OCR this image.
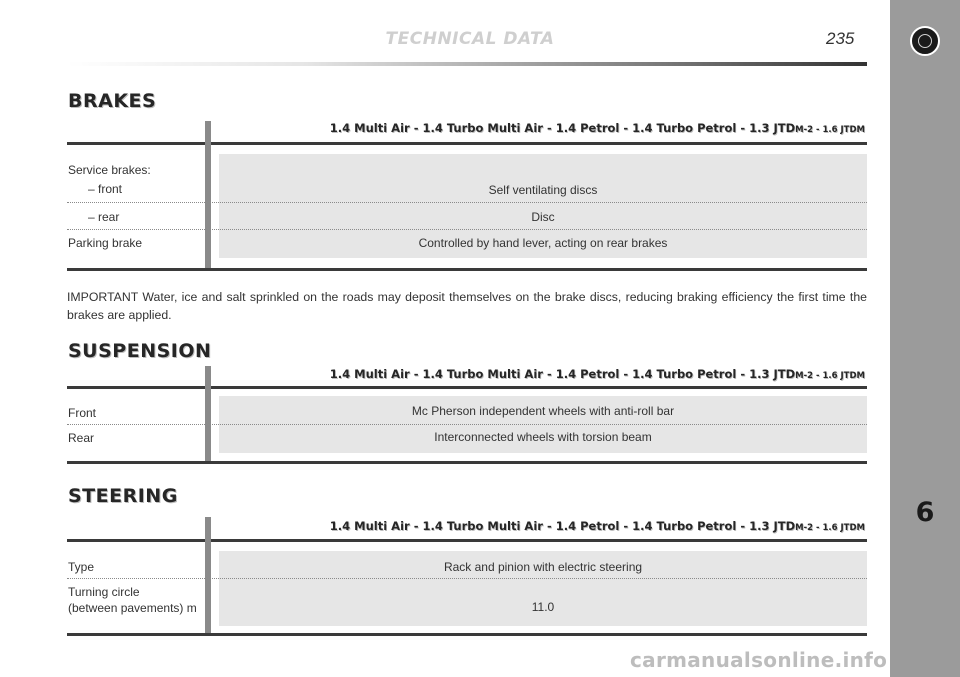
TECHNICAL DATA	235
6
BRAKES
1.4 Multi Air - 1.4 Turbo Multi Air - 1.4 Petrol - 1.4 Turbo Petrol - 1.3 JTDM-2 - 1.6 JTDM
Service brakes:
– front	Self ventilating discs
– rear	Disc
Parking brake	Controlled by hand lever, acting on rear brakes
IMPORTANT Water, ice and salt sprinkled on the roads may deposit themselves on the brake discs, reducing braking efficiency the first time the brakes are applied.
SUSPENSION
1.4 Multi Air - 1.4 Turbo Multi Air - 1.4 Petrol - 1.4 Turbo Petrol - 1.3 JTDM-2 - 1.6 JTDM
Front	Mc Pherson independent wheels with anti-roll bar
Rear	Interconnected wheels with torsion beam
STEERING
1.4 Multi Air - 1.4 Turbo Multi Air - 1.4 Petrol - 1.4 Turbo Petrol - 1.3 JTDM-2 - 1.6 JTDM
Type	Rack and pinion with electric steering
Turning circle
(between pavements) m	11.0
carmanualsonline.info
